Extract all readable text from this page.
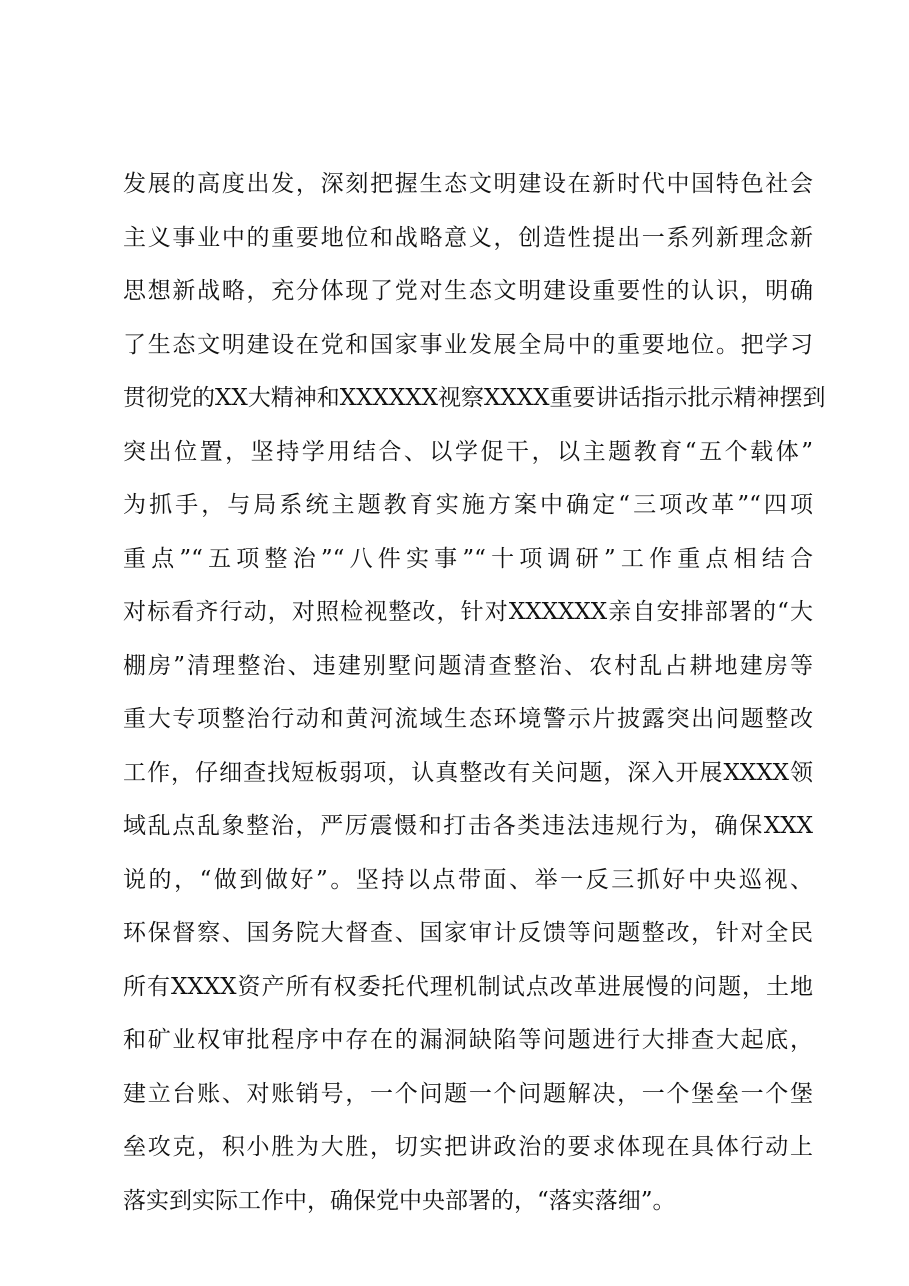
发展的高度出发，深刻把握生态文明建设在新时代中国特色社会
主义事业中的重要地位和战略意义，创造性提出一系列新理念新
思想新战略，充分体现了党对生态文明建设重要性的认识，明确
了生态文明建设在党和国家事业发展全局中的重要地位。把学习
贯彻党的XX大精神和XXXXXX视察XXXX重要讲话指示批示精神摆到
突出位置，坚持学用结合、以学促干，以主题教育“五个载体”
为抓手，与局系统主题教育实施方案中确定“三项改革”“四项
重点”“五项整治”“八件实事”“十项调研”工作重点相结合
对标看齐行动，对照检视整改，针对XXXXXX亲自安排部署的“大
棚房”清理整治、违建别墅问题清查整治、农村乱占耕地建房等
重大专项整治行动和黄河流域生态环境警示片披露突出问题整改
工作，仔细查找短板弱项，认真整改有关问题，深入开展XXXX领
域乱点乱象整治，严厉震慑和打击各类违法违规行为，确保XXX
说的，“做到做好”。坚持以点带面、举一反三抓好中央巡视、
环保督察、国务院大督查、国家审计反馈等问题整改，针对全民
所有XXXX资产所有权委托代理机制试点改革进展慢的问题，土地
和矿业权审批程序中存在的漏洞缺陷等问题进行大排查大起底，
建立台账、对账销号，一个问题一个问题解决，一个堡垒一个堡
垒攻克，积小胜为大胜，切实把讲政治的要求体现在具体行动上
落实到实际工作中，确保党中央部署的，“落实落细”。
